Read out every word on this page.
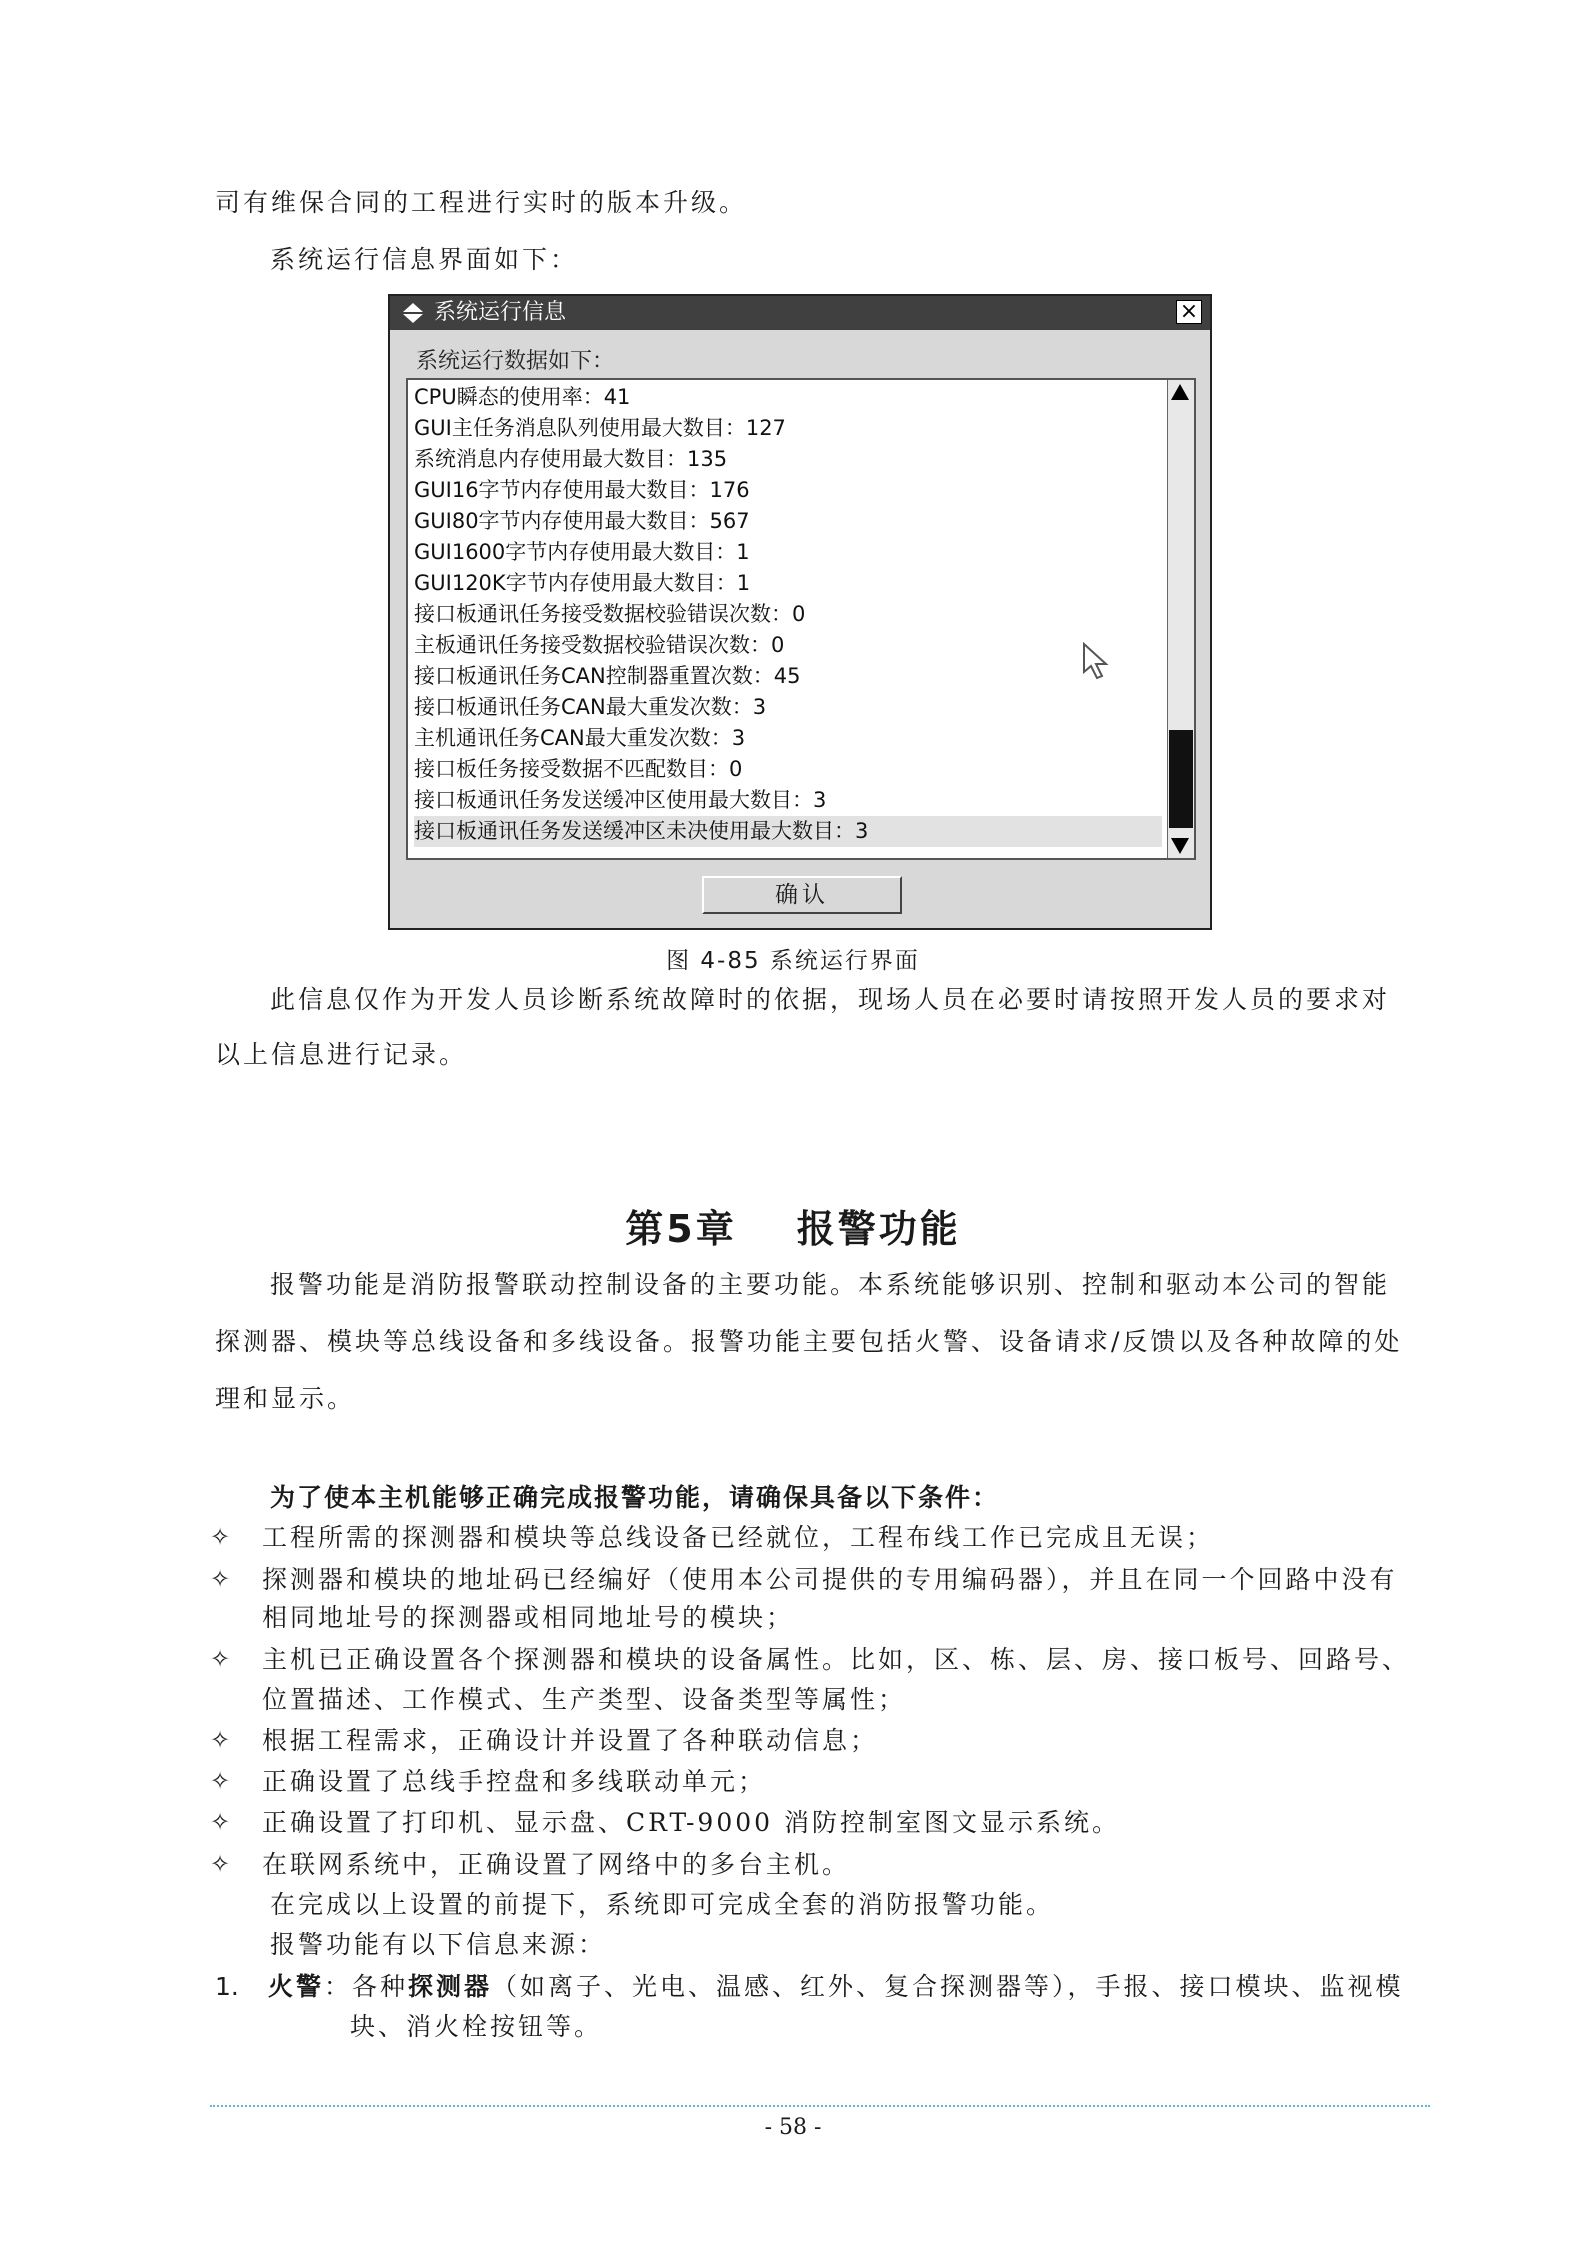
司有维保合同的工程进行实时的版本升级。
系统运行信息界面如下：
系统运行信息	×
系统运行数据如下：
CPU瞬态的使用率：41
GUI主任务消息队列使用最大数目：127
系统消息内存使用最大数目：135
GUI16字节内存使用最大数目：176
GUI80字节内存使用最大数目：567
GUI1600字节内存使用最大数目：1
GUI120K字节内存使用最大数目：1
接口板通讯任务接受数据校验错误次数：0
主板通讯任务接受数据校验错误次数：0
接口板通讯任务CAN控制器重置次数：45
接口板通讯任务CAN最大重发次数：3
主机通讯任务CAN最大重发次数：3
接口板任务接受数据不匹配数目：0
接口板通讯任务发送缓冲区使用最大数目：3
接口板通讯任务发送缓冲区未决使用最大数目：3
确认
图 4-85 系统运行界面
此信息仅作为开发人员诊断系统故障时的依据，现场人员在必要时请按照开发人员的要求对
以上信息进行记录。
第5章 报警功能
报警功能是消防报警联动控制设备的主要功能。本系统能够识别、控制和驱动本公司的智能
探测器、模块等总线设备和多线设备。报警功能主要包括火警、设备请求/反馈以及各种故障的处
理和显示。
为了使本主机能够正确完成报警功能，请确保具备以下条件：
✧ 工程所需的探测器和模块等总线设备已经就位，工程布线工作已完成且无误；
✧ 探测器和模块的地址码已经编好（使用本公司提供的专用编码器），并且在同一个回路中没有
相同地址号的探测器或相同地址号的模块；
✧ 主机已正确设置各个探测器和模块的设备属性。比如，区、栋、层、房、接口板号、回路号、
位置描述、工作模式、生产类型、设备类型等属性；
✧ 根据工程需求，正确设计并设置了各种联动信息；
✧ 正确设置了总线手控盘和多线联动单元；
✧ 正确设置了打印机、显示盘、CRT-9000 消防控制室图文显示系统。
✧ 在联网系统中，正确设置了网络中的多台主机。
在完成以上设置的前提下，系统即可完成全套的消防报警功能。
报警功能有以下信息来源：
1. 火警：各种探测器（如离子、光电、温感、红外、复合探测器等），手报、接口模块、监视模
块、消火栓按钮等。
- 58 -
